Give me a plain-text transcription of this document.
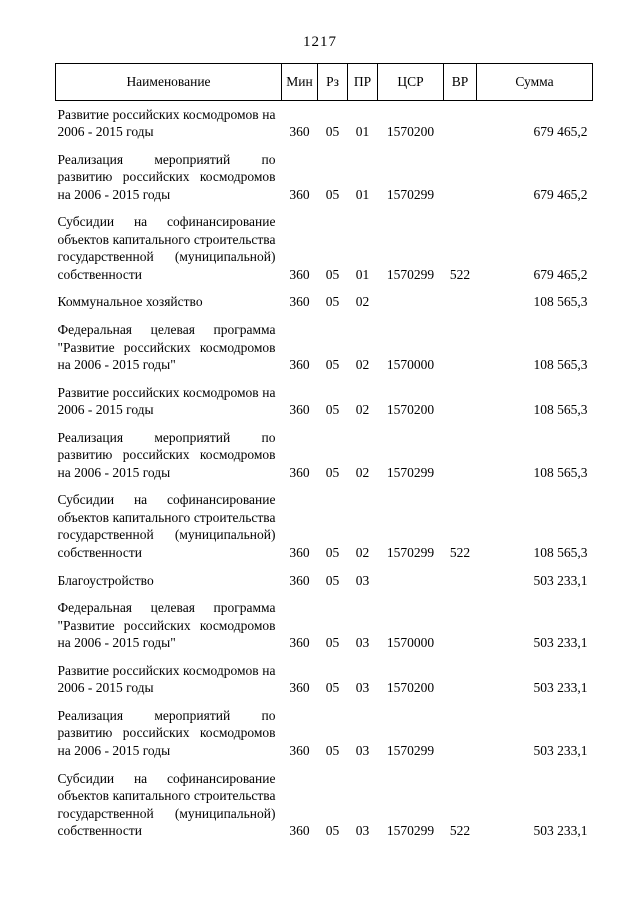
1217
Наименование	Мин	Рз	ПР	ЦСР	ВР	Сумма
Развитие российских космодромов на 2006 - 2015 годы	360	05	01	1570200		679 465,2
Реализация мероприятий по развитию российских космодромов на 2006 - 2015 годы	360	05	01	1570299		679 465,2
Субсидии на софинансирование объектов капитального строительства государственной (муниципальной) собственности	360	05	01	1570299	522	679 465,2
Коммунальное хозяйство	360	05	02			108 565,3
Федеральная целевая программа "Развитие российских космодромов на 2006 - 2015 годы"	360	05	02	1570000		108 565,3
Развитие российских космодромов на 2006 - 2015 годы	360	05	02	1570200		108 565,3
Реализация мероприятий по развитию российских космодромов на 2006 - 2015 годы	360	05	02	1570299		108 565,3
Субсидии на софинансирование объектов капитального строительства государственной (муниципальной) собственности	360	05	02	1570299	522	108 565,3
Благоустройство	360	05	03			503 233,1
Федеральная целевая программа "Развитие российских космодромов на 2006 - 2015 годы"	360	05	03	1570000		503 233,1
Развитие российских космодромов на 2006 - 2015 годы	360	05	03	1570200		503 233,1
Реализация мероприятий по развитию российских космодромов на 2006 - 2015 годы	360	05	03	1570299		503 233,1
Субсидии на софинансирование объектов капитального строительства государственной (муниципальной) собственности	360	05	03	1570299	522	503 233,1
